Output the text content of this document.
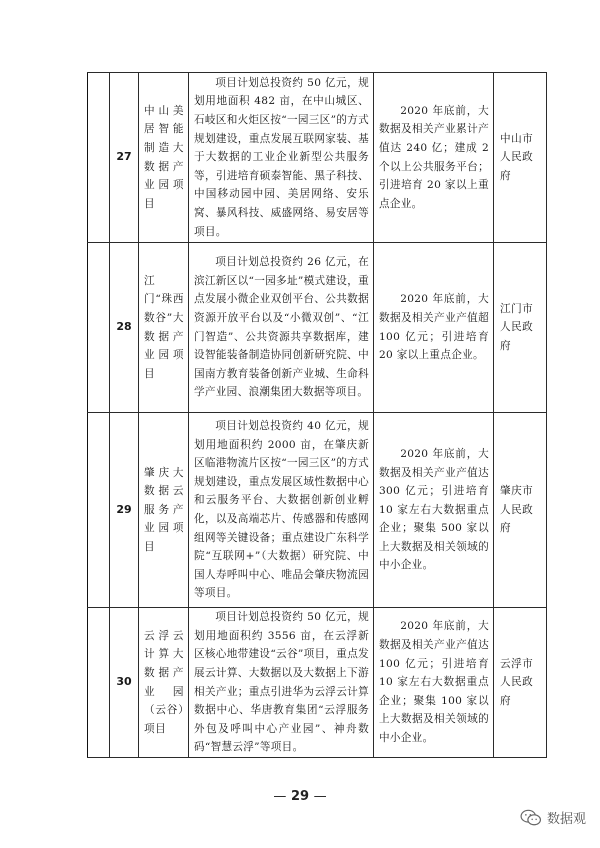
	27	中山美居智能制造大数据产业园项目	项目计划总投资约 50 亿元，规划用地面积 482 亩，在中山城区、石岐区和火炬区按“一园三区”的方式规划建设，重点发展互联网家装、基于大数据的工业企业新型公共服务等，引进培育硕泰智能、黑子科技、中国移动园中园、美居网络、安乐窝、暴风科技、威盛网络、易安居等项目。	2020 年底前，大数据及相关产业累计产值达 240 亿；建成 2 个以上公共服务平台；引进培育 20 家以上重点企业。	中山市人民政府
	28	江 门“珠西数谷”大数据产业园项目	项目计划总投资约 26 亿元，在滨江新区以“一园多址”模式建设，重点发展小微企业双创平台、公共数据资源开放平台以及“小微双创”、“江门智造”、公共资源共享数据库，建设智能装备制造协同创新研究院、中国南方教育装备创新产业城、生命科学产业园、浪潮集团大数据等项目。	2020 年底前，大数据及相关产业产值超 100 亿元；引进培育 20 家以上重点企业。	江门市人民政府
	29	肇庆大数据云服务产业园项目	项目计划总投资约 40 亿元，规划用地面积约 2000 亩，在肇庆新区临港物流片区按“一园三区”的方式规划建设，重点发展区域性数据中心和云服务平台、大数据创新创业孵化，以及高端芯片、传感器和传感网组网等关键设备；重点建设广东科学院“互联网+”（大数据）研究院、中国人寿呼叫中心、唯品会肇庆物流园等项目。	2020 年底前，大数据及相关产业产值达 300 亿元；引进培育 10 家左右大数据重点企业；聚集 500 家以上大数据及相关领域的中小企业。	肇庆市人民政府
	30	云浮云计算大数据产业园（云谷）项目	项目计划总投资约 50 亿元，规划用地面积约 3556 亩，在云浮新区核心地带建设“云谷”项目，重点发展云计算、大数据以及大数据上下游相关产业；重点引进华为云浮云计算数据中心、华唐教育集团“云浮服务外包及呼叫中心产业园”、神舟数码“智慧云浮”等项目。	2020 年底前，大数据及相关产业产值达 100 亿元；引进培育 10 家左右大数据重点企业；聚集 100 家以上大数据及相关领域的中小企业。	云浮市人民政府
— 29 —
数据观
